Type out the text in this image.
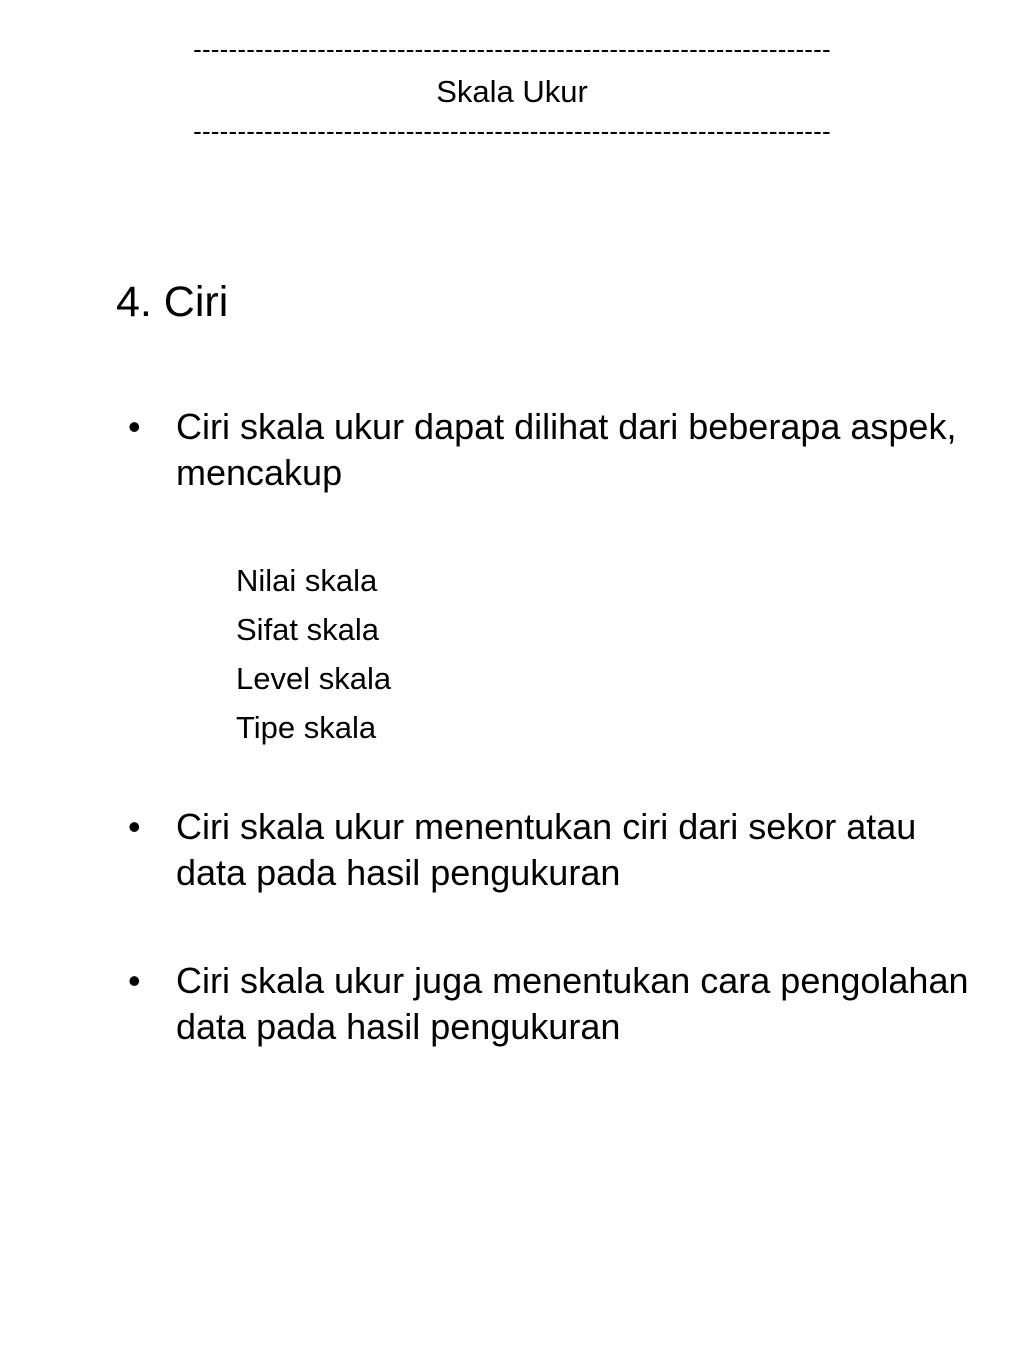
------------------------------------------------------------------------
Skala Ukur
------------------------------------------------------------------------
4. Ciri
• Ciri skala ukur dapat dilihat dari beberapa aspek, mencakup
Nilai skala
Sifat skala
Level skala
Tipe skala
• Ciri skala ukur menentukan ciri dari sekor atau data pada hasil pengukuran
• Ciri skala ukur juga menentukan cara pengolahan data pada hasil pengukuran
